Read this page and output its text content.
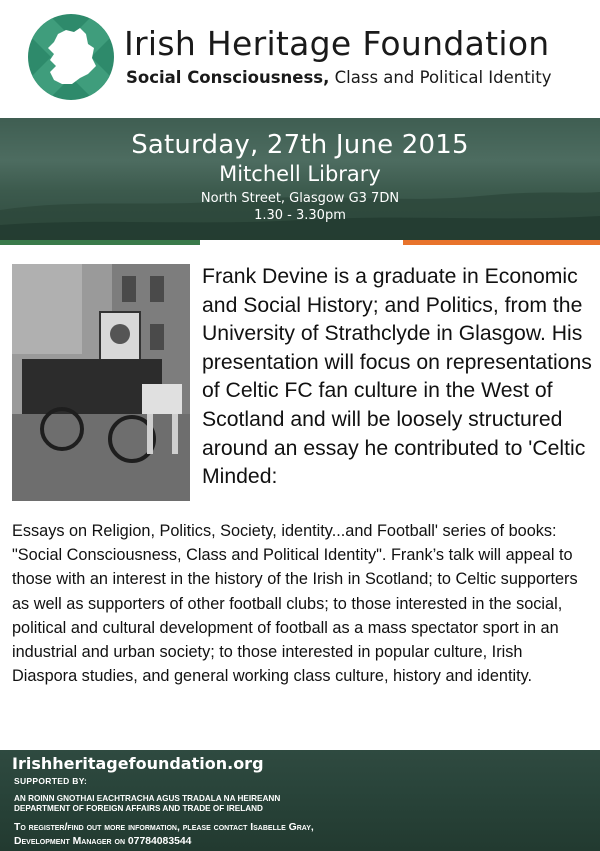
Irish Heritage Foundation
Social Consciousness, Class and Political Identity
Saturday, 27th June 2015
Mitchell Library
North Street, Glasgow G3 7DN
1.30 - 3.30pm
Frank Devine is a graduate in Economic and Social History; and Politics, from the University of Strathclyde in Glasgow. His presentation will focus on representations of Celtic FC fan culture in the West of Scotland and will be loosely structured around an essay he contributed to 'Celtic Minded:
Essays on Religion, Politics, Society, identity...and Football' series of books: "Social Consciousness, Class and Political Identity". Frank’s talk will appeal to those with an interest in the history of the Irish in Scotland; to Celtic supporters as well as supporters of other football clubs; to those interested in the social, political and cultural development of football as a mass spectator sport in an industrial and urban society; to those interested in popular culture, Irish Diaspora studies, and general working class culture, history and identity.
Irishheritagefoundation.org
SUPPORTED BY:
AN ROINN GNOTHAI EACHTRACHA AGUS TRADALA NA HEIREANN
DEPARTMENT OF FOREIGN AFFAIRS AND TRADE OF IRELAND
To register/find out more information, please contact Isabelle Gray,
Development Manager on 07784083544
